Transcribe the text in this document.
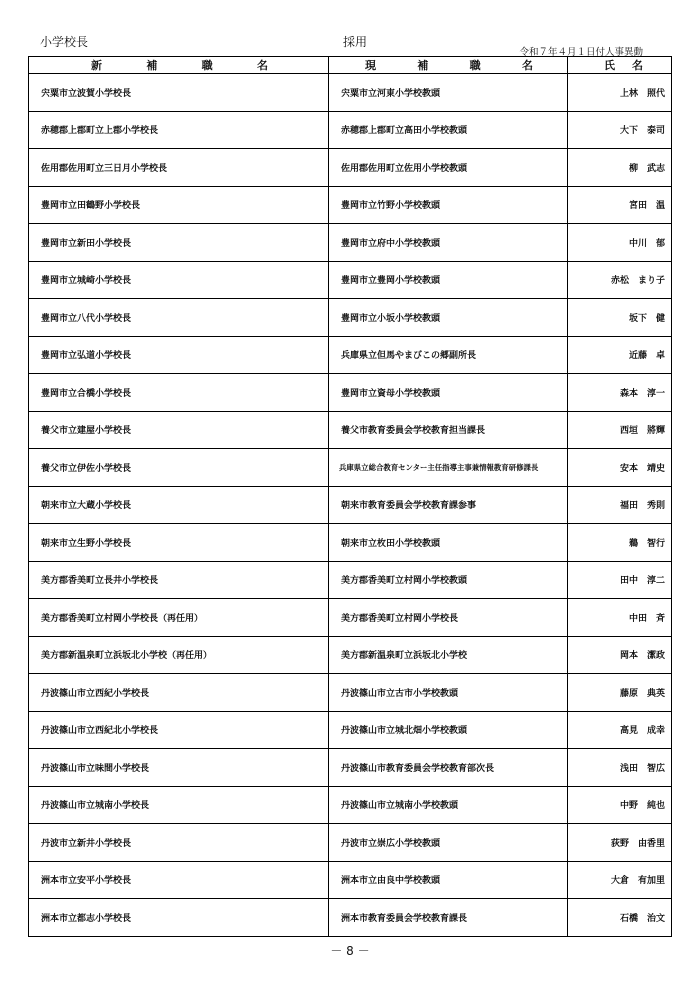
小学校長	採用
令和７年４月１日付人事異動
新 補 職 名	現 補 職 名	氏 名

宍粟市立波賀小学校長	宍粟市立河東小学校教頭	上林　照代
赤穂郡上郡町立上郡小学校長	赤穂郡上郡町立高田小学校教頭	大下　泰司
佐用郡佐用町立三日月小学校長	佐用郡佐用町立佐用小学校教頭	柳　武志
豊岡市立田鶴野小学校長	豊岡市立竹野小学校教頭	宮田　温
豊岡市立新田小学校長	豊岡市立府中小学校教頭	中川　郁
豊岡市立城崎小学校長	豊岡市立豊岡小学校教頭	赤松　まり子
豊岡市立八代小学校長	豊岡市立小坂小学校教頭	坂下　健
豊岡市立弘道小学校長	兵庫県立但馬やまびこの郷副所長	近藤　卓
豊岡市立合橋小学校長	豊岡市立資母小学校教頭	森本　淳一
養父市立建屋小学校長	養父市教育委員会学校教育担当課長	西垣　將輝
養父市立伊佐小学校長	兵庫県立総合教育センター主任指導主事兼情報教育研修課長	安本　靖史
朝来市立大蔵小学校長	朝来市教育委員会学校教育課参事	福田　秀則
朝来市立生野小学校長	朝来市立枚田小学校教頭	鵜　智行
美方郡香美町立長井小学校長	美方郡香美町立村岡小学校教頭	田中　淳二
美方郡香美町立村岡小学校長（再任用）	美方郡香美町立村岡小学校長	中田　斉
美方郡新温泉町立浜坂北小学校（再任用）	美方郡新温泉町立浜坂北小学校	岡本　潔政
丹波篠山市立西紀小学校長	丹波篠山市立古市小学校教頭	藤原　典英
丹波篠山市立西紀北小学校長	丹波篠山市立城北畑小学校教頭	高見　成幸
丹波篠山市立味間小学校長	丹波篠山市教育委員会学校教育部次長	浅田　智広
丹波篠山市立城南小学校長	丹波篠山市立城南小学校教頭	中野　純也
丹波市立新井小学校長	丹波市立崇広小学校教頭	荻野　由香里
洲本市立安平小学校長	洲本市立由良中学校教頭	大倉　有加里
洲本市立都志小学校長	洲本市教育委員会学校教育課長	石橋　治文
－ 8 －
